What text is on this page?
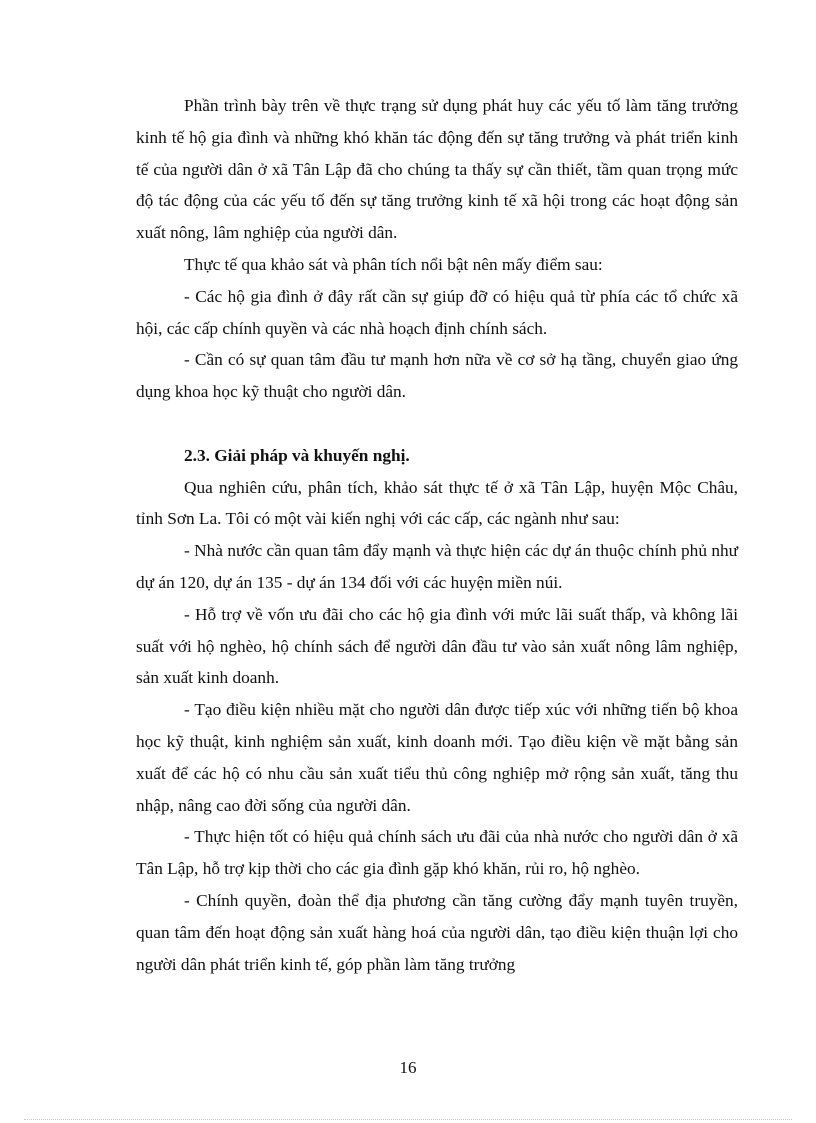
Phần trình bày trên về thực trạng sử dụng phát huy các yếu tố làm tăng trưởng kinh tế hộ gia đình và những khó khăn tác động đến sự tăng trưởng và phát triển kinh tế của người dân ở xã Tân Lập đã cho chúng ta thấy sự cần thiết, tầm quan trọng mức độ tác động của các yếu tố đến sự tăng trưởng kinh tế xã hội trong các hoạt động sản xuất nông, lâm nghiệp của người dân.

Thực tế qua khảo sát và phân tích nổi bật nên mấy điểm sau:

- Các hộ gia đình ở đây rất cần sự giúp đỡ có hiệu quả từ phía các tổ chức xã hội, các cấp chính quyền và các nhà hoạch định chính sách.

- Cần có sự quan tâm đầu tư mạnh hơn nữa về cơ sở hạ tầng, chuyển giao ứng dụng khoa học kỹ thuật cho người dân.

2.3. Giải pháp và khuyến nghị.

Qua nghiên cứu, phân tích, khảo sát thực tế ở xã Tân Lập, huyện Mộc Châu, tỉnh Sơn La. Tôi có một vài kiến nghị với các cấp, các ngành như sau:

- Nhà nước cần quan tâm đẩy mạnh và thực hiện các dự án thuộc chính phủ như dự án 120, dự án 135 - dự án 134 đối với các huyện miền núi.

- Hỗ trợ về vốn ưu đãi cho các hộ gia đình với mức lãi suất thấp, và không lãi suất với hộ nghèo, hộ chính sách để người dân đầu tư vào sản xuất nông lâm nghiệp, sản xuất kinh doanh.

- Tạo điều kiện nhiều mặt cho người dân được tiếp xúc với những tiến bộ khoa học kỹ thuật, kinh nghiệm sản xuất, kinh doanh mới. Tạo điều kiện về mặt bằng sản xuất để các hộ có nhu cầu sản xuất tiểu thủ công nghiệp mở rộng sản xuất, tăng thu nhập, nâng cao đời sống của người dân.

- Thực hiện tốt có hiệu quả chính sách ưu đãi của nhà nước cho người dân ở xã Tân Lập, hỗ trợ kịp thời cho các gia đình gặp khó khăn, rủi ro, hộ nghèo.

- Chính quyền, đoàn thể địa phương cần tăng cường đẩy mạnh tuyên truyền, quan tâm đến hoạt động sản xuất hàng hoá của người dân, tạo điều kiện thuận lợi cho người dân phát triển kinh tế, góp phần làm tăng trưởng

16
